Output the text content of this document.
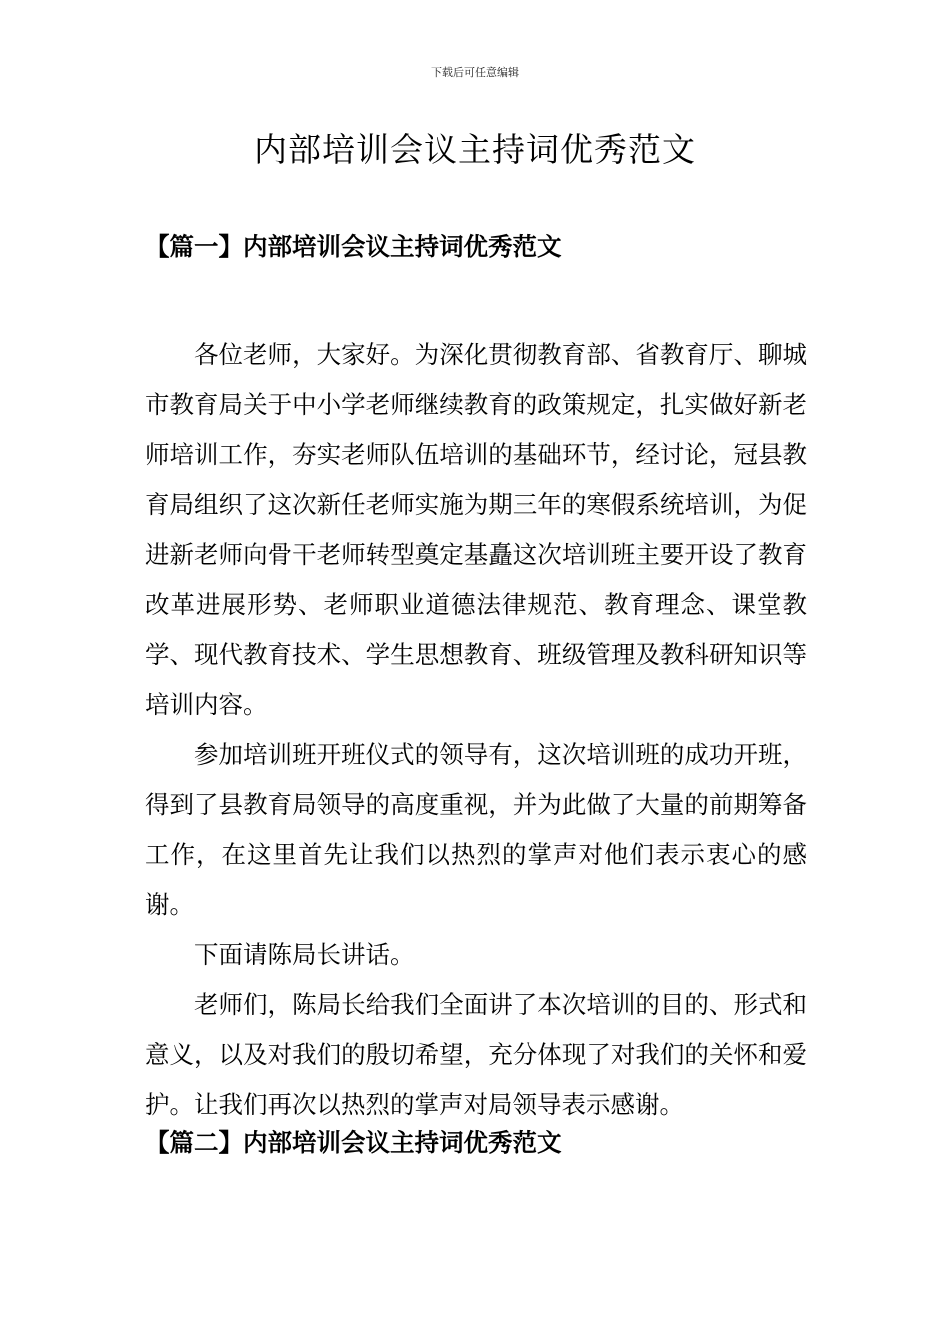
下载后可任意编辑
内部培训会议主持词优秀范文
【篇一】内部培训会议主持词优秀范文

各位老师，大家好。为深化贯彻教育部、省教育厅、聊城市教育局关于中小学老师继续教育的政策规定，扎实做好新老师培训工作，夯实老师队伍培训的基础环节，经讨论，冠县教育局组织了这次新任老师实施为期三年的寒假系统培训，为促进新老师向骨干老师转型奠定基矗这次培训班主要开设了教育改革进展形势、老师职业道德法律规范、教育理念、课堂教学、现代教育技术、学生思想教育、班级管理及教科研知识等培训内容。

参加培训班开班仪式的领导有，这次培训班的成功开班，得到了县教育局领导的高度重视，并为此做了大量的前期筹备工作，在这里首先让我们以热烈的掌声对他们表示衷心的感谢。

下面请陈局长讲话。

老师们，陈局长给我们全面讲了本次培训的目的、形式和意义，以及对我们的殷切希望，充分体现了对我们的关怀和爱护。让我们再次以热烈的掌声对局领导表示感谢。

【篇二】内部培训会议主持词优秀范文
